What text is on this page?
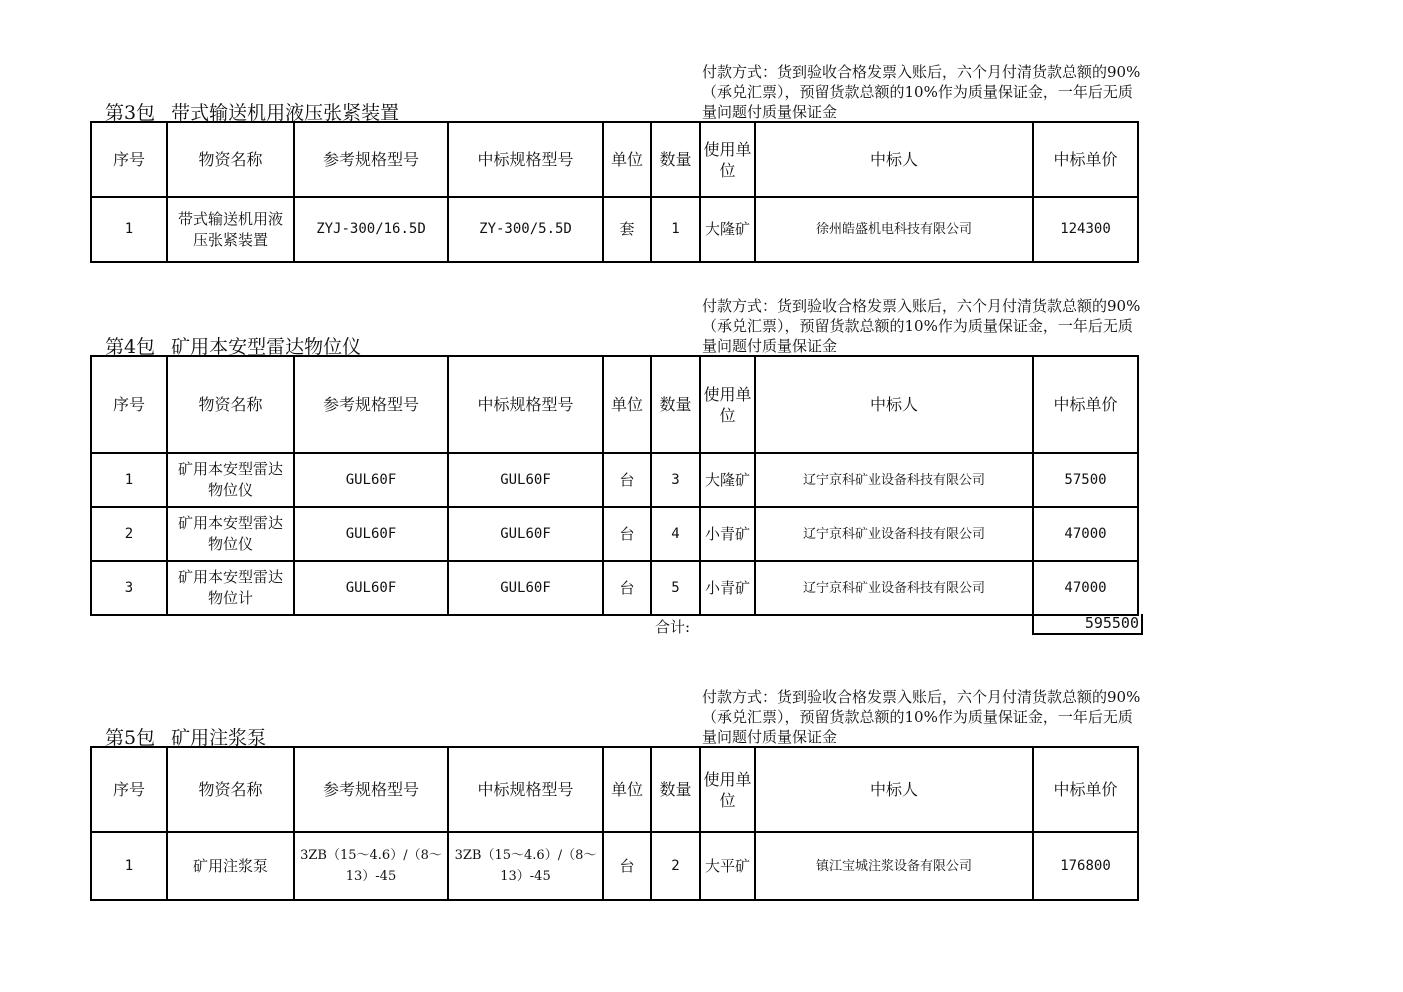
付款方式：货到验收合格发票入账后，六个月付清货款总额的90%（承兑汇票），预留货款总额的10%作为质量保证金，一年后无质量问题付质量保证金
第3包 带式输送机用液压张紧装置
序号	物资名称	参考规格型号	中标规格型号	单位	数量	使用单位	中标人	中标单价
1	带式输送机用液压张紧装置	ZYJ-300/16.5D	ZY-300/5.5D	套	1	大隆矿	徐州皓盛机电科技有限公司	124300
付款方式：货到验收合格发票入账后，六个月付清货款总额的90%（承兑汇票），预留货款总额的10%作为质量保证金，一年后无质量问题付质量保证金
第4包 矿用本安型雷达物位仪
序号	物资名称	参考规格型号	中标规格型号	单位	数量	使用单位	中标人	中标单价
1	矿用本安型雷达物位仪	GUL60F	GUL60F	台	3	大隆矿	辽宁京科矿业设备科技有限公司	57500
2	矿用本安型雷达物位仪	GUL60F	GUL60F	台	4	小青矿	辽宁京科矿业设备科技有限公司	47000
3	矿用本安型雷达物位计	GUL60F	GUL60F	台	5	小青矿	辽宁京科矿业设备科技有限公司	47000
合计:	595500
付款方式：货到验收合格发票入账后，六个月付清货款总额的90%（承兑汇票），预留货款总额的10%作为质量保证金，一年后无质量问题付质量保证金
第5包 矿用注浆泵
序号	物资名称	参考规格型号	中标规格型号	单位	数量	使用单位	中标人	中标单价
1	矿用注浆泵	3ZB（15～4.6）/（8～13）-45	3ZB（15～4.6）/（8～13）-45	台	2	大平矿	镇江宝城注浆设备有限公司	176800
